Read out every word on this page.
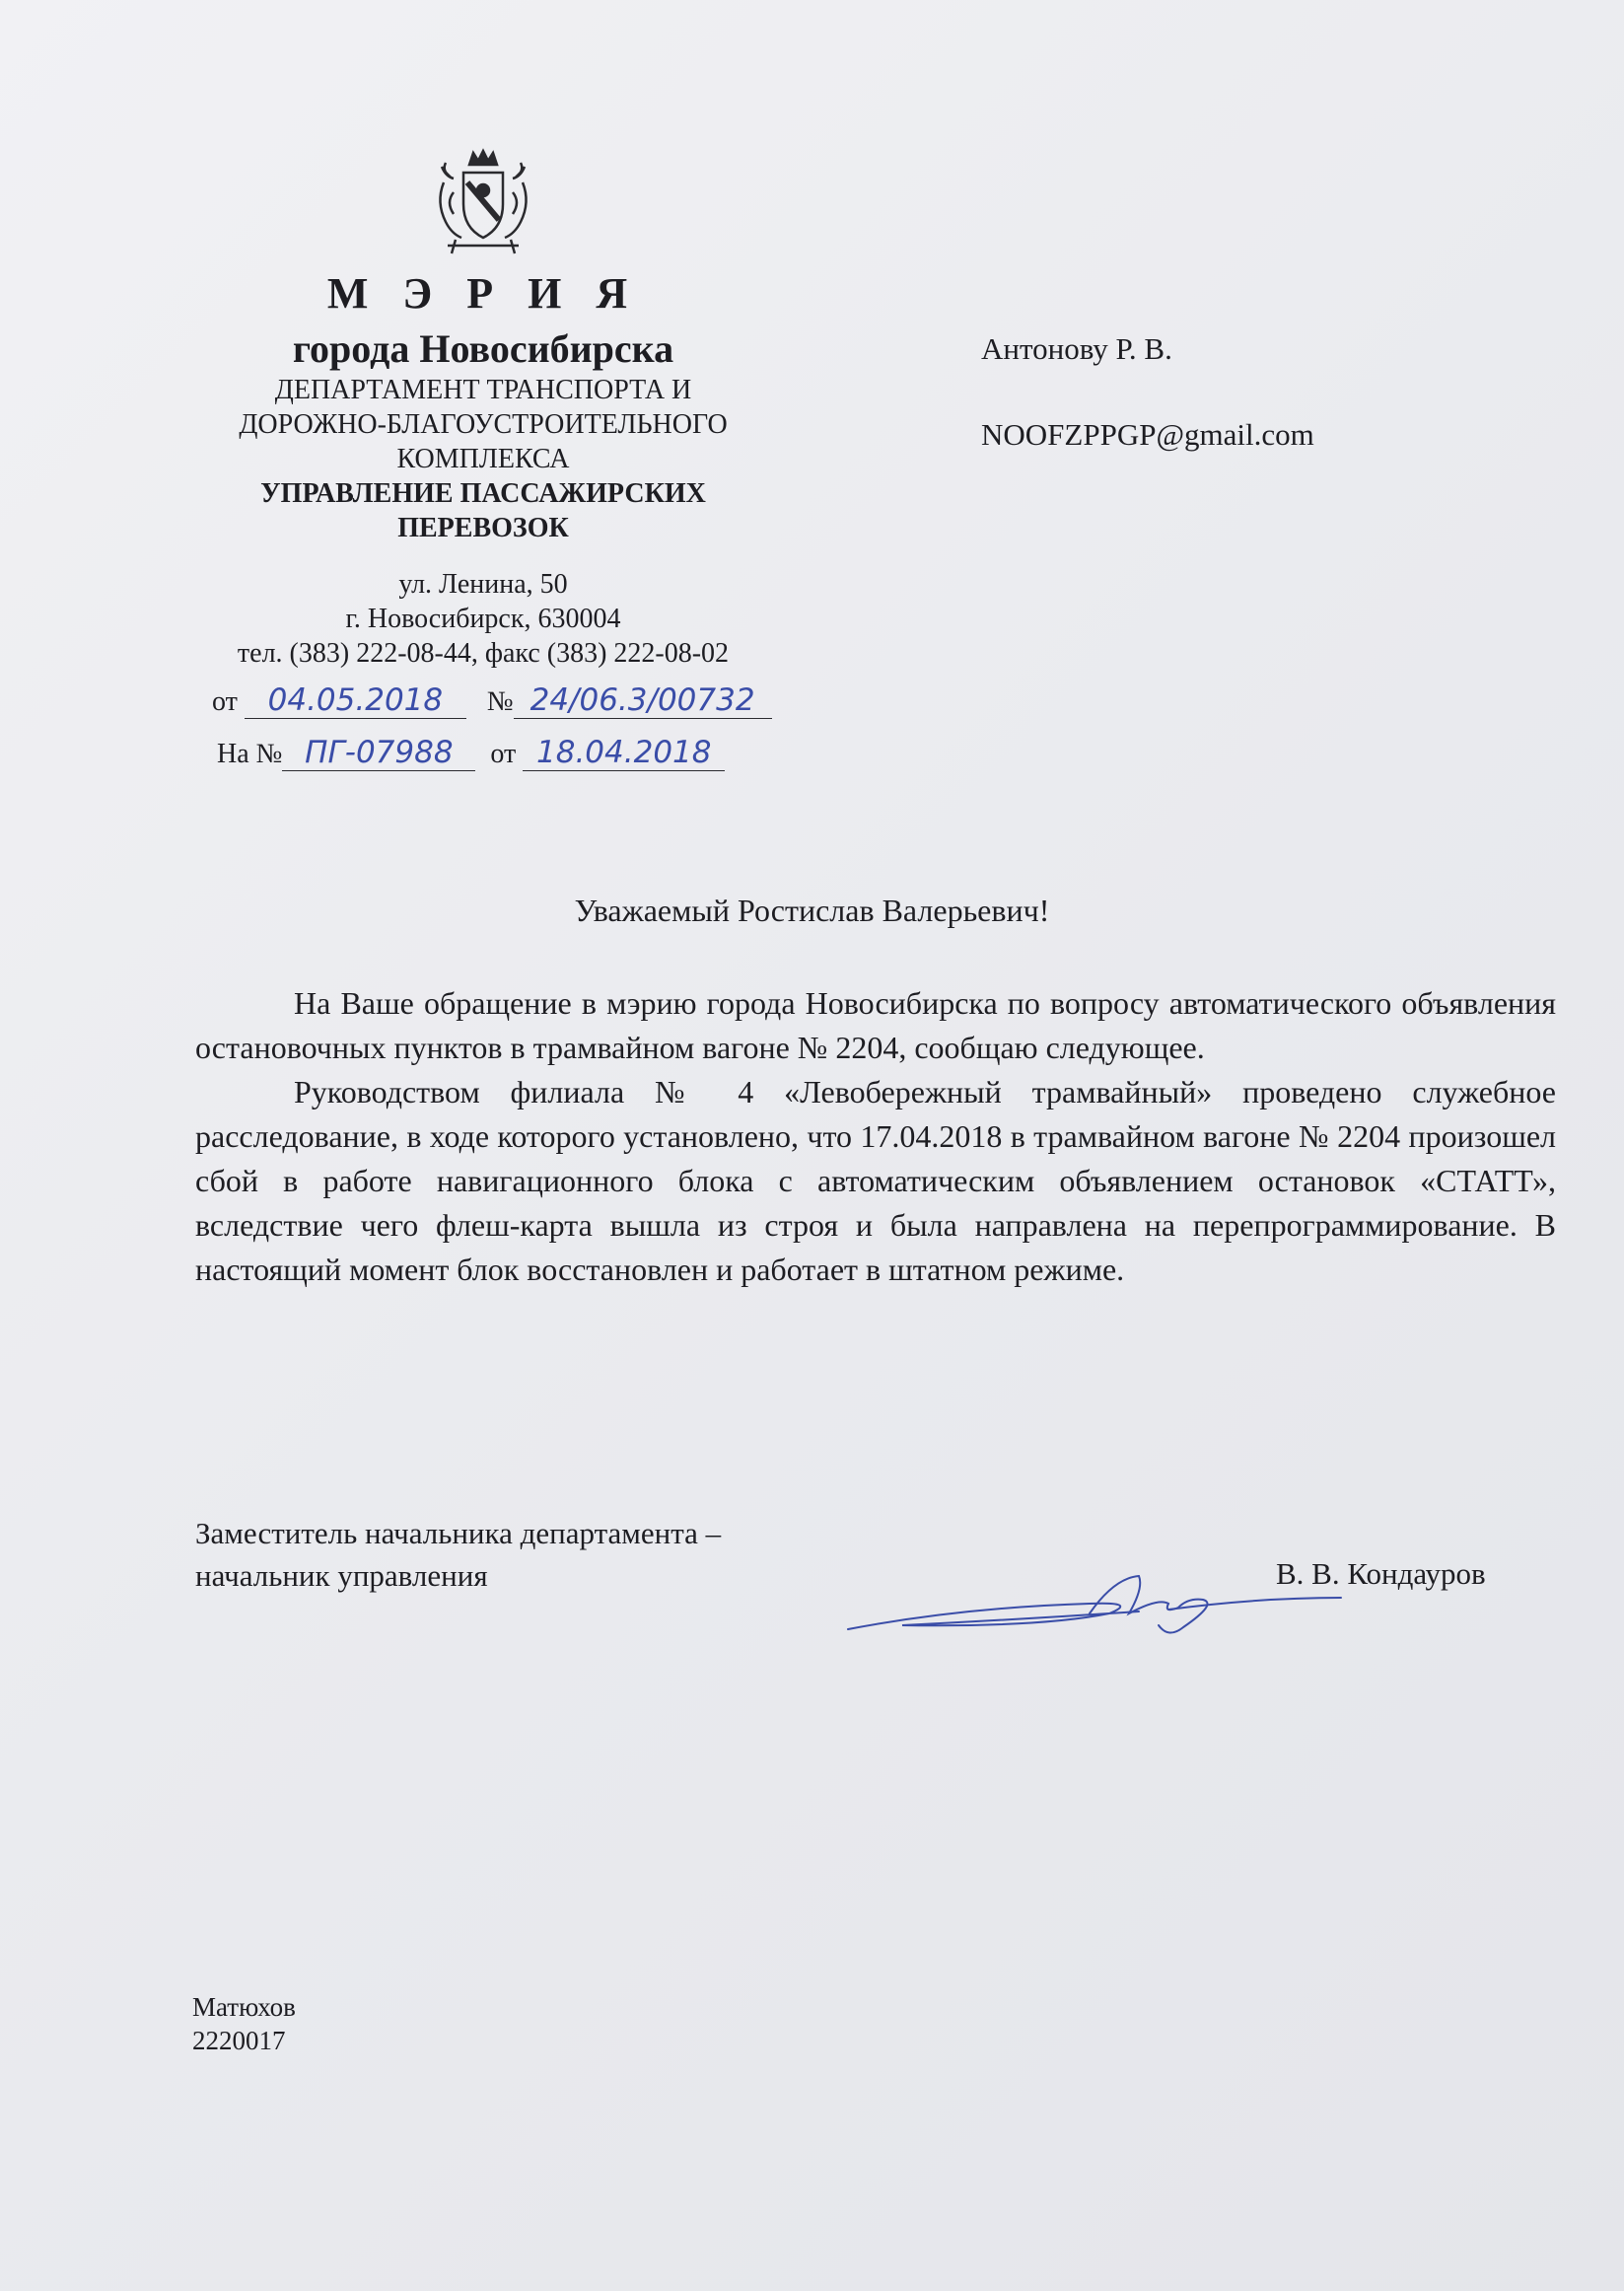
М Э Р И Я
города Новосибирска
ДЕПАРТАМЕНТ ТРАНСПОРТА И
ДОРОЖНО-БЛАГОУСТРОИТЕЛЬНОГО
КОМПЛЕКСА
УПРАВЛЕНИЕ ПАССАЖИРСКИХ
ПЕРЕВОЗОК
ул. Ленина, 50
г. Новосибирск, 630004
тел. (383) 222-08-44, факс (383) 222-08-02
от 04.05.2018 № 24/06.3/00732
На № ПГ-07988 от 18.04.2018
Антонову Р. В.
NOOFZPPGP@gmail.com
Уважаемый Ростислав Валерьевич!

На Ваше обращение в мэрию города Новосибирска по вопросу автоматического объявления остановочных пунктов в трамвайном вагоне № 2204, сообщаю следующее.

Руководством филиала № 4 «Левобережный трамвайный» проведено служебное расследование, в ходе которого установлено, что 17.04.2018 в трамвайном вагоне № 2204 произошел сбой в работе навигационного блока с автоматическим объявлением остановок «СТАТТ», вследствие чего флеш-карта вышла из строя и была направлена на перепрограммирование. В настоящий момент блок восстановлен и работает в штатном режиме.

Заместитель начальника департамента –
начальник управления	В. В. Кондауров
Матюхов
2220017
